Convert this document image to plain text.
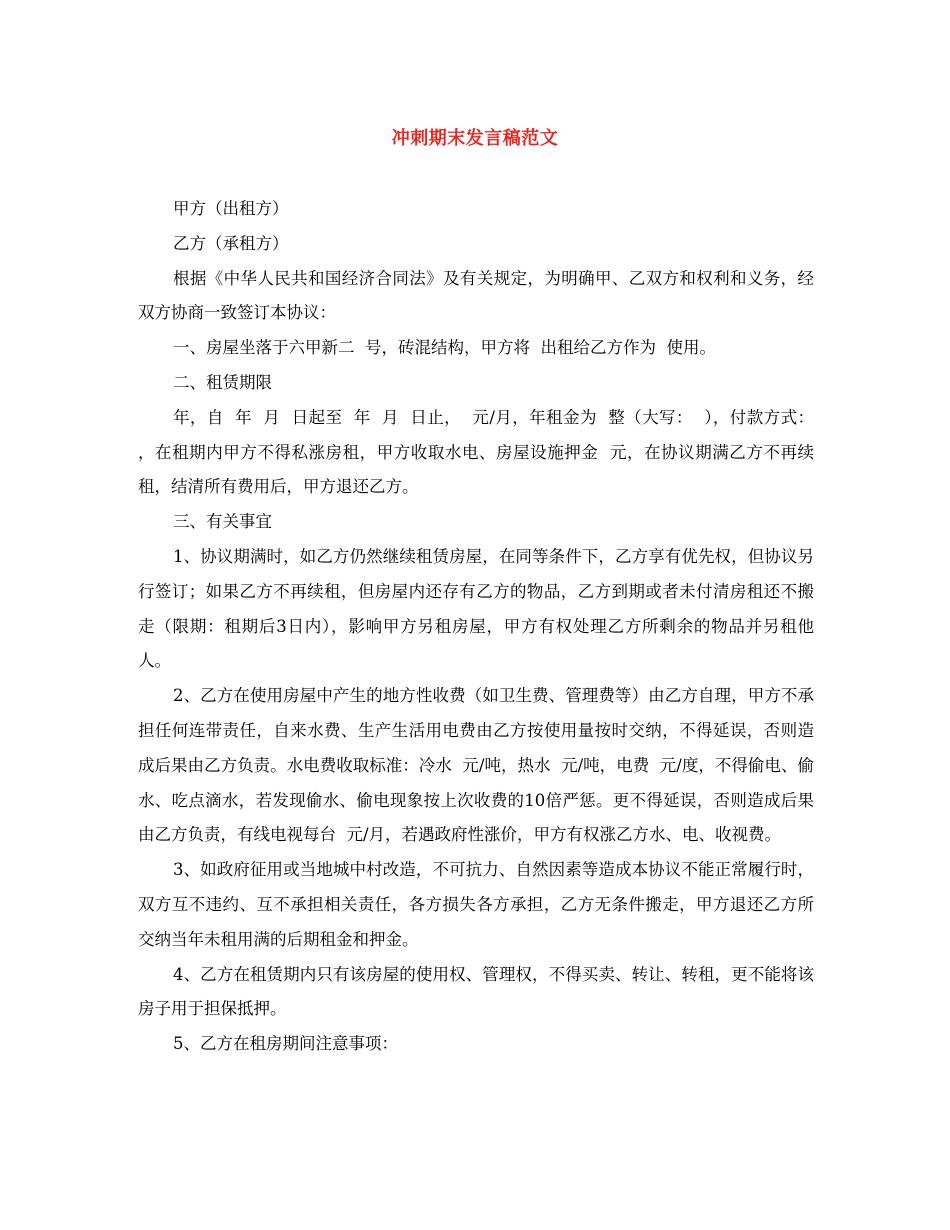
冲刺期末发言稿范文

甲方（出租方）

乙方（承租方）

根据《中华人民共和国经济合同法》及有关规定，为明确甲、乙双方和权利和义务，经双方协商一致签订本协议：

一、房屋坐落于六甲新二  号，砖混结构，甲方将  出租给乙方作为  使用。

二、租赁期限

年，自  年  月  日起至  年  月  日止，  元/月，年租金为  整（大写：  ），付款方式：  ，在租期内甲方不得私涨房租，甲方收取水电、房屋设施押金  元，在协议期满乙方不再续租，结清所有费用后，甲方退还乙方。

三、有关事宜

1、协议期满时，如乙方仍然继续租赁房屋，在同等条件下，乙方享有优先权，但协议另行签订；如果乙方不再续租，但房屋内还存有乙方的物品，乙方到期或者未付清房租还不搬走（限期：租期后3日内），影响甲方另租房屋，甲方有权处理乙方所剩余的物品并另租他人。

2、乙方在使用房屋中产生的地方性收费（如卫生费、管理费等）由乙方自理，甲方不承担任何连带责任，自来水费、生产生活用电费由乙方按使用量按时交纳，不得延误，否则造成后果由乙方负责。水电费收取标准：冷水  元/吨，热水  元/吨，电费  元/度，不得偷电、偷水、吃点滴水，若发现偷水、偷电现象按上次收费的10倍严惩。更不得延误，否则造成后果由乙方负责，有线电视每台  元/月，若遇政府性涨价，甲方有权涨乙方水、电、收视费。

3、如政府征用或当地城中村改造，不可抗力、自然因素等造成本协议不能正常履行时，双方互不违约、互不承担相关责任，各方损失各方承担，乙方无条件搬走，甲方退还乙方所交纳当年未租用满的后期租金和押金。

4、乙方在租赁期内只有该房屋的使用权、管理权，不得买卖、转让、转租，更不能将该房子用于担保抵押。

5、乙方在租房期间注意事项：
